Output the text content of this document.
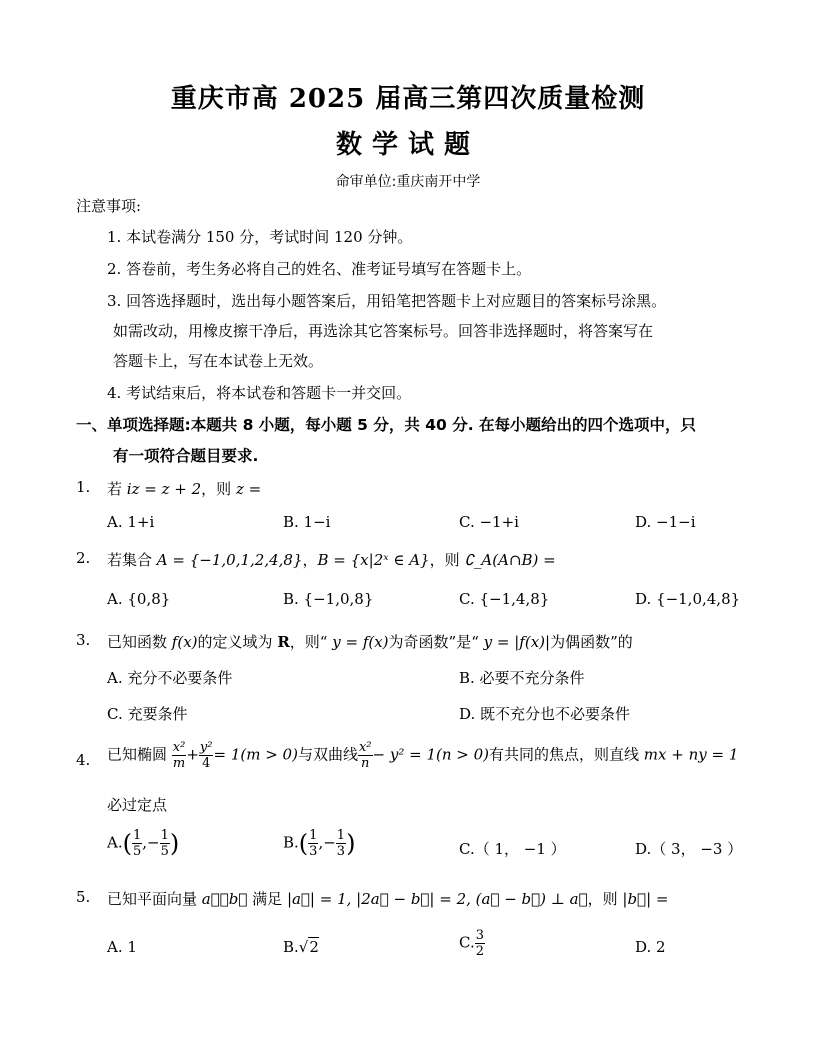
重庆市高 2025 届高三第四次质量检测
数学试题
命审单位:重庆南开中学
注意事项:
1. 本试卷满分 150 分，考试时间 120 分钟。
2. 答卷前，考生务必将自己的姓名、准考证号填写在答题卡上。
3. 回答选择题时，选出每小题答案后，用铅笔把答题卡上对应题目的答案标号涂黑。
如需改动，用橡皮擦干净后，再选涂其它答案标号。回答非选择题时，将答案写在
答题卡上，写在本试卷上无效。
4. 考试结束后，将本试卷和答题卡一并交回。
一、单项选择题:本题共 8 小题，每小题 5 分，共 40 分. 在每小题给出的四个选项中，只
有一项符合题目要求.
1. 若 iz = z + 2，则 z =
A. 1+i	B. 1−i	C. −1+i	D. −1−i
2. 若集合 A = {−1,0,1,2,4,8}，B = {x|2ˣ ∈ A}，则 ∁_A(A∩B) =
A. {0,8}	B. {−1,0,8}	C. {−1,4,8}	D. {−1,0,4,8}
3. 已知函数 f(x)的定义域为 R，则“ y = f(x)为奇函数”是“ y = |f(x)|为偶函数”的
A. 充分不必要条件	B. 必要不充分条件
C. 充要条件	D. 既不充分也不必要条件
4. 已知椭圆 $\frac{\text{x²}}{m} + \frac{\text{y²}}{4} = 1(m > 0)$与双曲线 $\frac{\text{x²}}{n} - y^2 = 1(n > 0)$有共同的焦点，则直线 mx + ny = 1
必过定点
$A.( \frac{1}{5}$ ,− $\frac{1}{5}$ )	$B.( \frac{1}{3}$ ,− $\frac{1}{3}$ )	C.（ 1， −1 ）	D.（ 3， −3 ）
5. 已知平面向量 a⃗，b⃗ 满足 |a⃗| = 1, |2a⃗ − b⃗| = 2, (a⃗ − b⃗) ⊥ a⃗，则 |b⃗| =
A. 1	B.√2	C. $\frac{3}{2}$	D. 2
